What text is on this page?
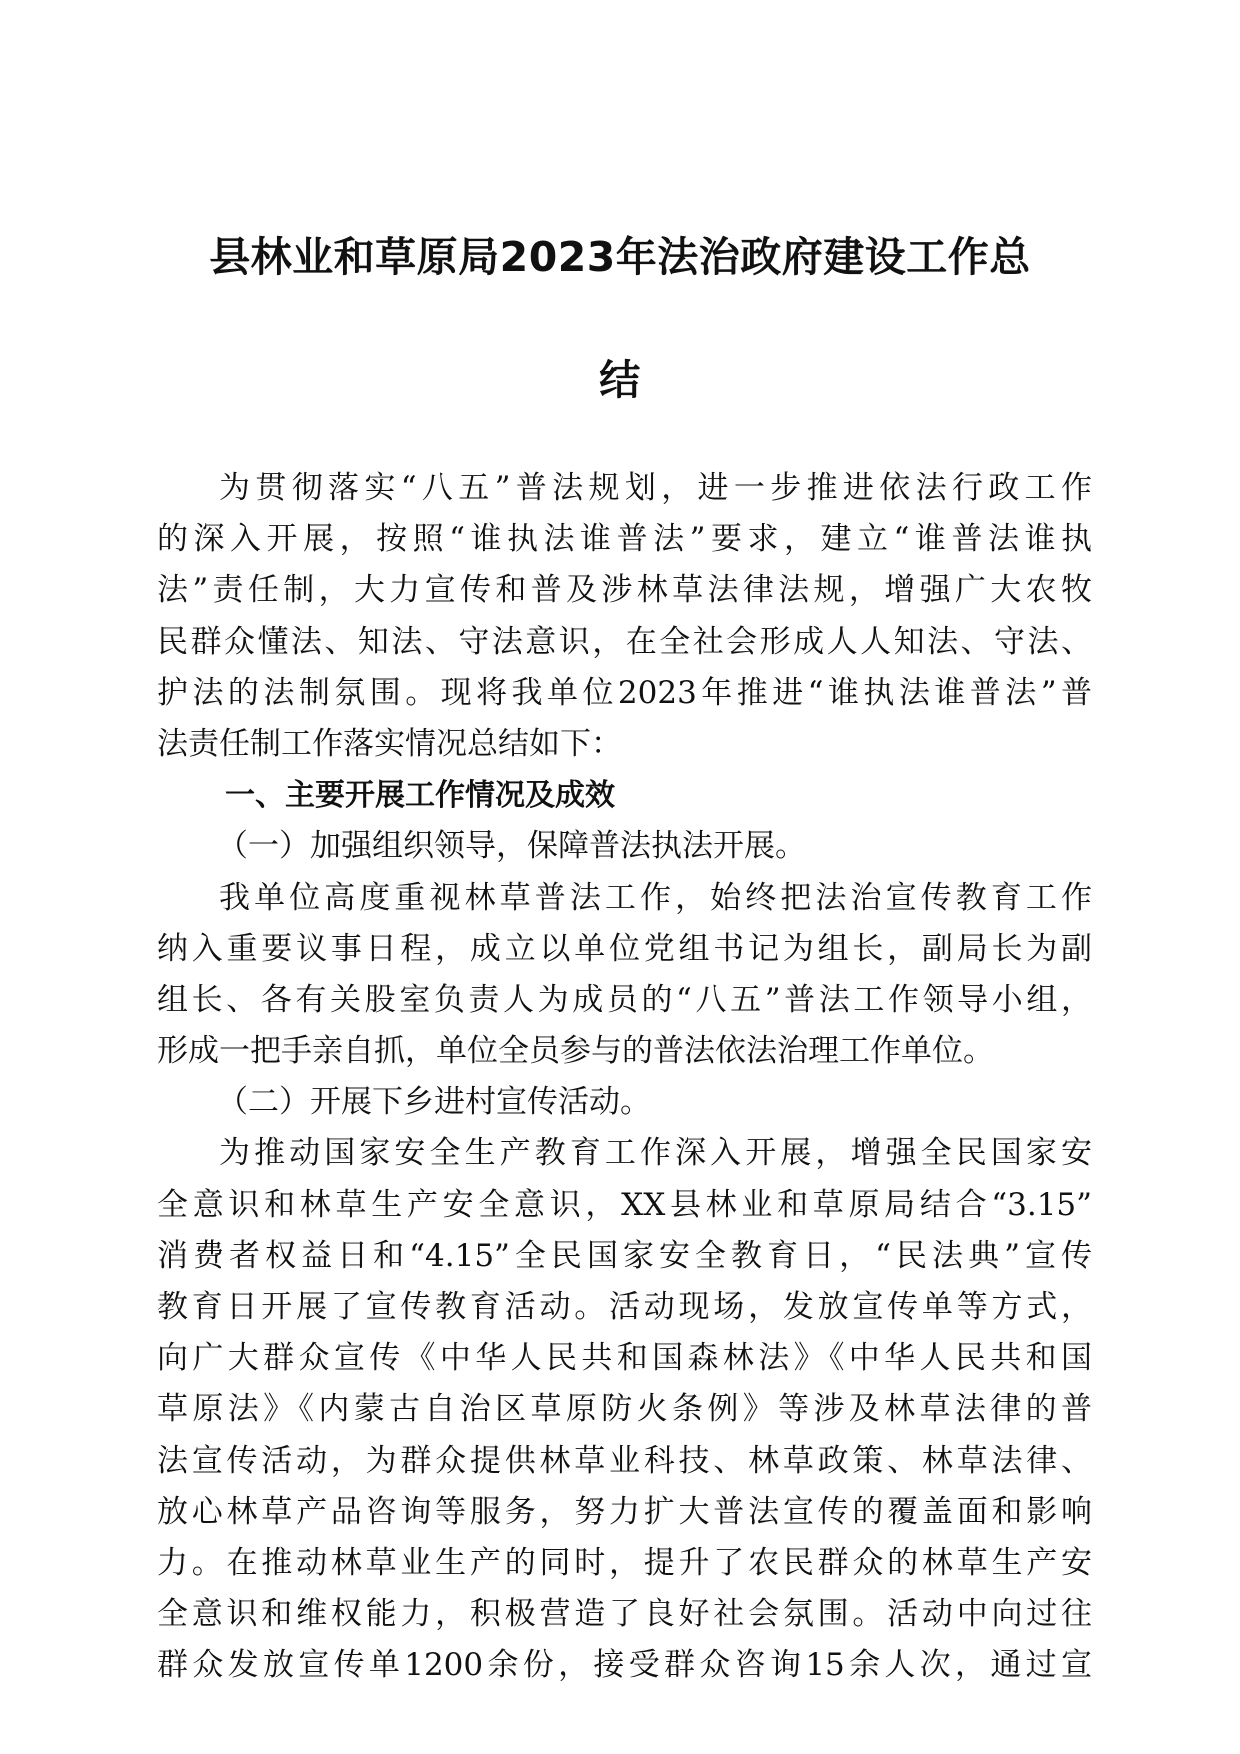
县林业和草原局2023年法治政府建设工作总
结
为贯彻落实“八五”普法规划，进一步推进依法行政工作
的深入开展，按照“谁执法谁普法”要求，建立“谁普法谁执
法”责任制，大力宣传和普及涉林草法律法规，增强广大农牧
民群众懂法、知法、守法意识，在全社会形成人人知法、守法、
护法的法制氛围。现将我单位2023年推进“谁执法谁普法”普
法责任制工作落实情况总结如下：
一、主要开展工作情况及成效
（一）加强组织领导，保障普法执法开展。
我单位高度重视林草普法工作，始终把法治宣传教育工作
纳入重要议事日程，成立以单位党组书记为组长，副局长为副
组长、各有关股室负责人为成员的“八五”普法工作领导小组，
形成一把手亲自抓，单位全员参与的普法依法治理工作单位。
（二）开展下乡进村宣传活动。
为推动国家安全生产教育工作深入开展，增强全民国家安
全意识和林草生产安全意识，XX县林业和草原局结合“3.15”
消费者权益日和“4.15”全民国家安全教育日，“民法典”宣传
教育日开展了宣传教育活动。活动现场，发放宣传单等方式，
向广大群众宣传《中华人民共和国森林法》《中华人民共和国
草原法》《内蒙古自治区草原防火条例》等涉及林草法律的普
法宣传活动，为群众提供林草业科技、林草政策、林草法律、
放心林草产品咨询等服务，努力扩大普法宣传的覆盖面和影响
力。在推动林草业生产的同时，提升了农民群众的林草生产安
全意识和维权能力，积极营造了良好社会氛围。活动中向过往
群众发放宣传单1200余份，接受群众咨询15余人次，通过宣
